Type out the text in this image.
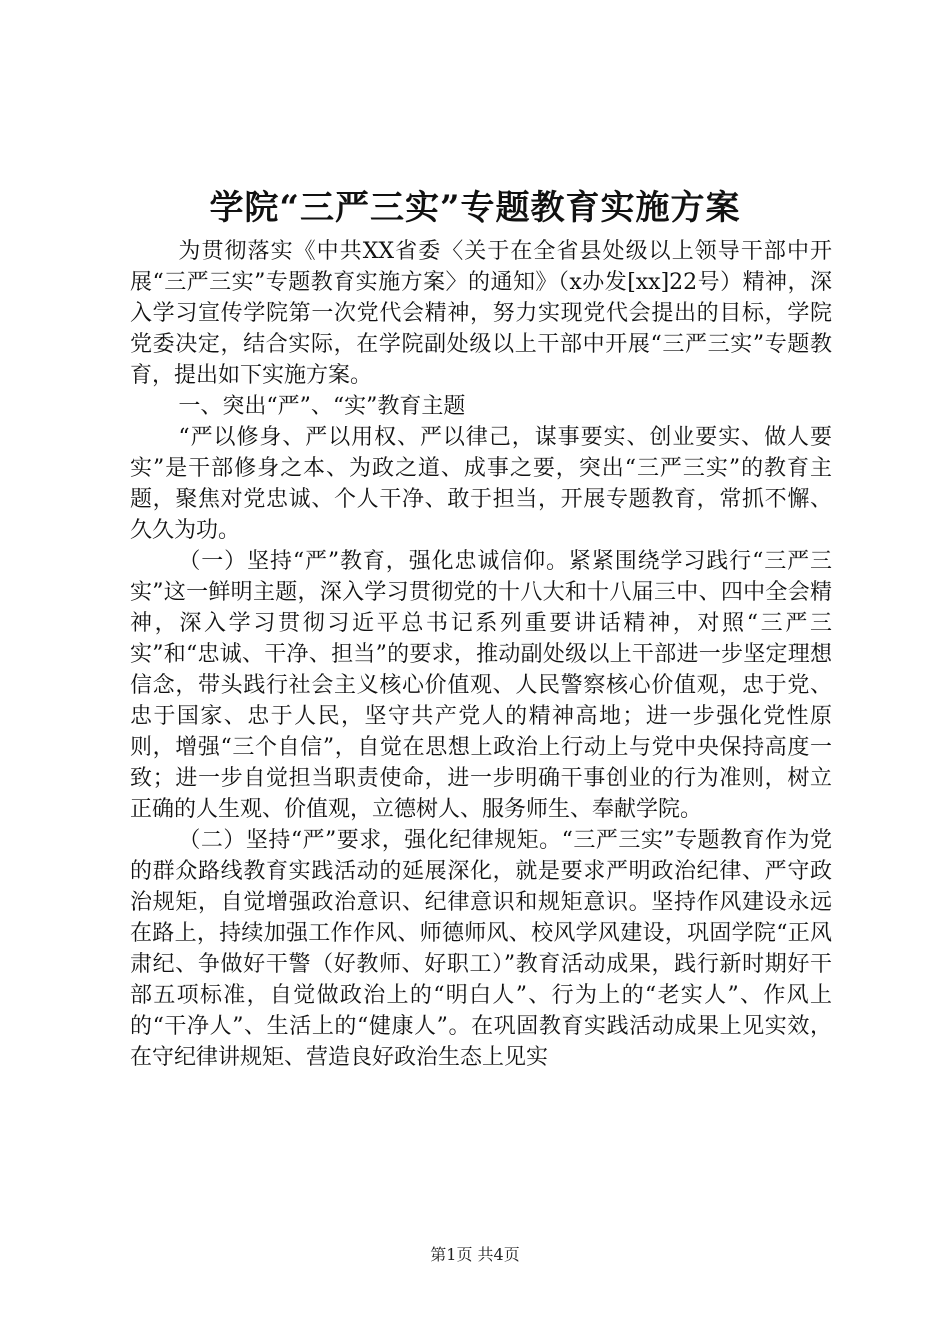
学院“三严三实”专题教育实施方案

为贯彻落实《中共XX省委〈关于在全省县处级以上领导干部中开展“三严三实”专题教育实施方案〉的通知》（x办发[xx]22号）精神，深入学习宣传学院第一次党代会精神，努力实现党代会提出的目标，学院党委决定，结合实际，在学院副处级以上干部中开展“三严三实”专题教育，提出如下实施方案。

一、突出“严”、“实”教育主题

“严以修身、严以用权、严以律己，谋事要实、创业要实、做人要实”是干部修身之本、为政之道、成事之要，突出“三严三实”的教育主题，聚焦对党忠诚、个人干净、敢于担当，开展专题教育，常抓不懈、久久为功。

（一）坚持“严”教育，强化忠诚信仰。紧紧围绕学习践行“三严三实”这一鲜明主题，深入学习贯彻党的十八大和十八届三中、四中全会精神，深入学习贯彻习近平总书记系列重要讲话精神，对照“三严三实”和“忠诚、干净、担当”的要求，推动副处级以上干部进一步坚定理想信念，带头践行社会主义核心价值观、人民警察核心价值观，忠于党、忠于国家、忠于人民，坚守共产党人的精神高地；进一步强化党性原则，增强“三个自信”，自觉在思想上政治上行动上与党中央保持高度一致；进一步自觉担当职责使命，进一步明确干事创业的行为准则，树立正确的人生观、价值观，立德树人、服务师生、奉献学院。

（二）坚持“严”要求，强化纪律规矩。“三严三实”专题教育作为党的群众路线教育实践活动的延展深化，就是要求严明政治纪律、严守政治规矩，自觉增强政治意识、纪律意识和规矩意识。坚持作风建设永远在路上，持续加强工作作风、师德师风、校风学风建设，巩固学院“正风肃纪、争做好干警（好教师、好职工）”教育活动成果，践行新时期好干部五项标准，自觉做政治上的“明白人”、行为上的“老实人”、作风上的“干净人”、生活上的“健康人”。在巩固教育实践活动成果上见实效，在守纪律讲规矩、营造良好政治生态上见实

第1页 共4页
